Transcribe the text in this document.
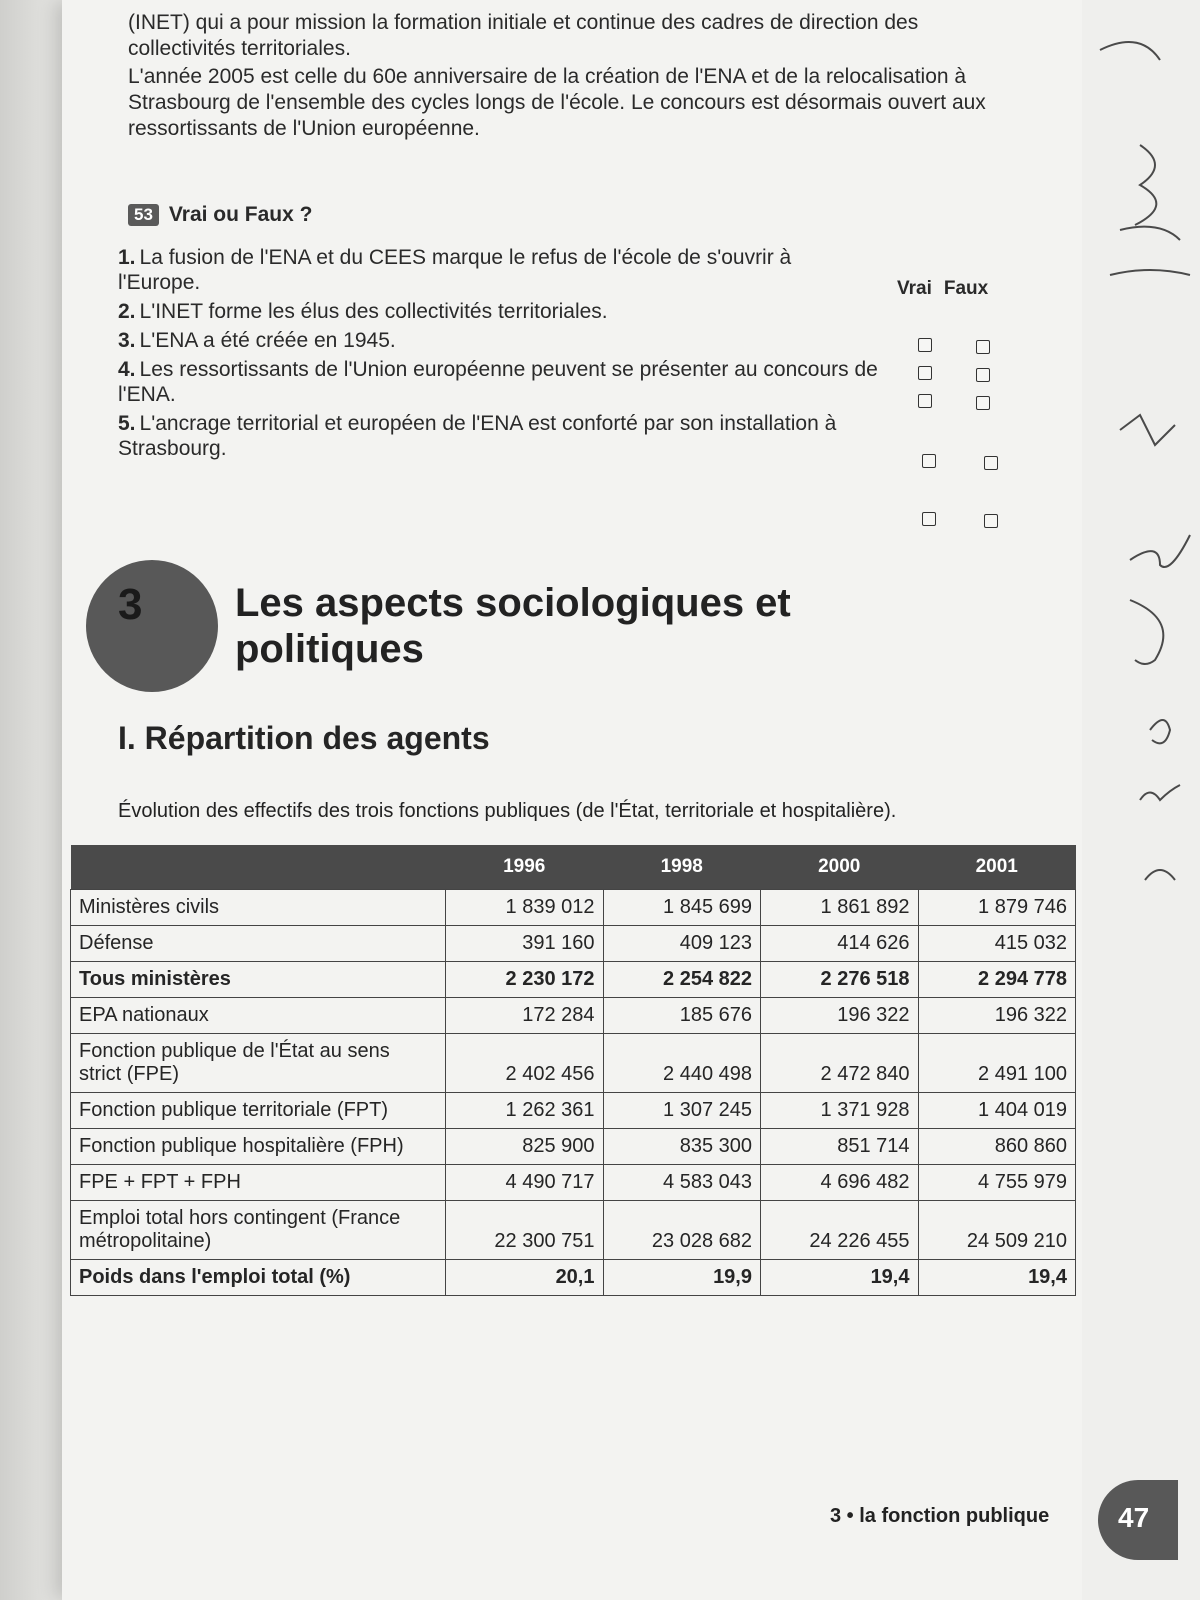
(INET) qui a pour mission la formation initiale et continue des cadres de direction des collectivités territoriales.

L'année 2005 est celle du 60e anniversaire de la création de l'ENA et de la relocalisation à Strasbourg de l'ensemble des cycles longs de l'école. Le concours est désormais ouvert aux ressortissants de l'Union européenne.

53 Vrai ou Faux ?
Vrai Faux
1. La fusion de l'ENA et du CEES marque le refus de l'école de s'ouvrir à l'Europe.
2. L'INET forme les élus des collectivités territoriales.
3. L'ENA a été créée en 1945.
4. Les ressortissants de l'Union européenne peuvent se présenter au concours de l'ENA.
5. L'ancrage territorial et européen de l'ENA est conforté par son installation à Strasbourg.
3 Les aspects sociologiques et politiques
I. Répartition des agents
Évolution des effectifs des trois fonctions publiques (de l'État, territoriale et hospitalière).
	1996	1998	2000	2001
Ministères civils	1 839 012	1 845 699	1 861 892	1 879 746
Défense	391 160	409 123	414 626	415 032
Tous ministères	2 230 172	2 254 822	2 276 518	2 294 778
EPA nationaux	172 284	185 676	196 322	196 322
Fonction publique de l'État au sens strict (FPE)	2 402 456	2 440 498	2 472 840	2 491 100
Fonction publique territoriale (FPT)	1 262 361	1 307 245	1 371 928	1 404 019
Fonction publique hospitalière (FPH)	825 900	835 300	851 714	860 860
FPE + FPT + FPH	4 490 717	4 583 043	4 696 482	4 755 979
Emploi total hors contingent (France métropolitaine)	22 300 751	23 028 682	24 226 455	24 509 210
Poids dans l'emploi total (%)	20,1	19,9	19,4	19,4
3 • la fonction publique 47
